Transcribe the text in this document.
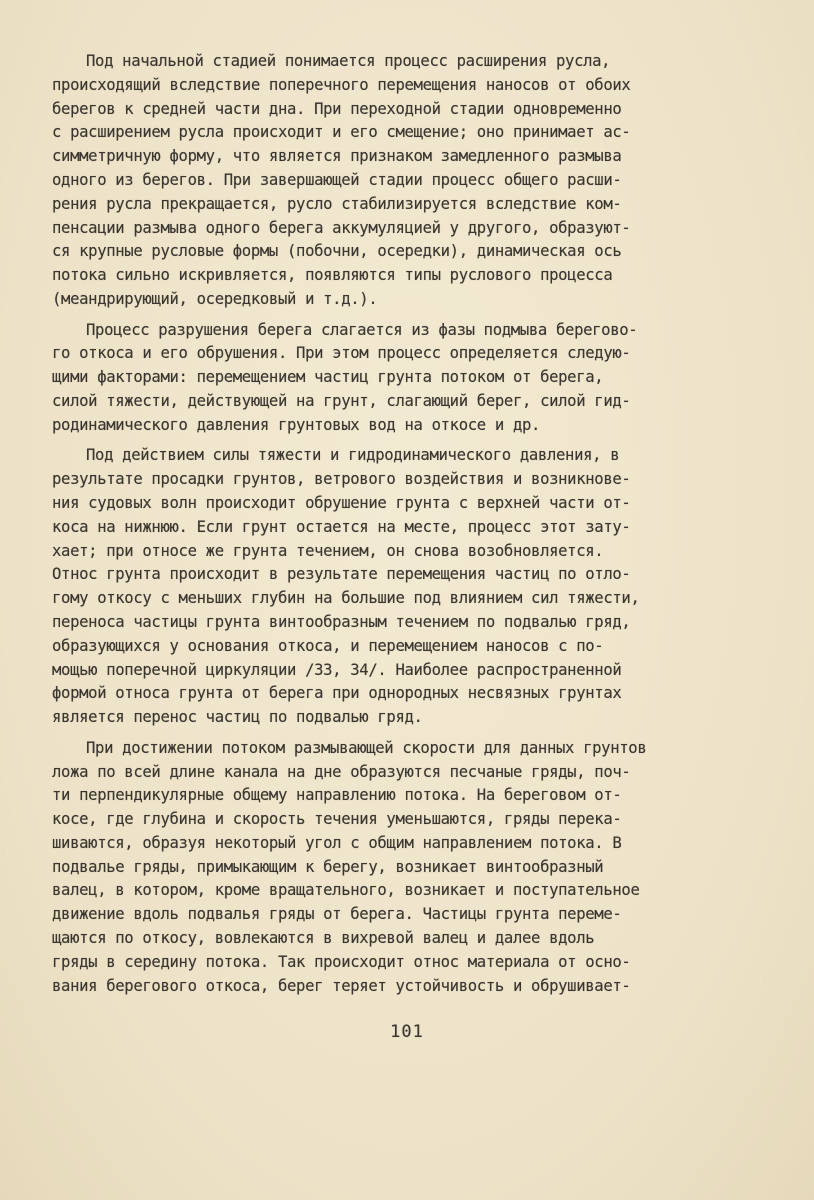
Под начальной стадией понимается процесс расширения русла,
происходящий вследствие поперечного перемещения наносов от обоих
берегов к средней части дна. При переходной стадии одновременно
с расширением русла происходит и его смещение; оно принимает ас-
симметричную форму, что является признаком замедленного размыва
одного из берегов. При завершающей стадии процесс общего расши-
рения русла прекращается, русло стабилизируется вследствие ком-
пенсации размыва одного берега аккумуляцией у другого, образуют-
ся крупные русловые формы (побочни, осередки), динамическая ось
потока сильно искривляется, появляются типы руслового процесса
(меандрирующий, осередковый и т.д.).
Процесс разрушения берега слагается из фазы подмыва берегово-
го откоса и его обрушения. При этом процесс определяется следую-
щими факторами: перемещением частиц грунта потоком от берега,
силой тяжести, действующей на грунт, слагающий берег, силой гид-
родинамического давления грунтовых вод на откосе и др.
Под действием силы тяжести и гидродинамического давления, в
результате просадки грунтов, ветрового воздействия и возникнове-
ния судовых волн происходит обрушение грунта с верхней части от-
коса на нижнюю. Если грунт остается на месте, процесс этот зату-
хает; при относе же грунта течением, он снова возобновляется.
Относ грунта происходит в результате перемещения частиц по отло-
гому откосу с меньших глубин на большие под влиянием сил тяжести,
переноса частицы грунта винтообразным течением по подвалью гряд,
образующихся у основания откоса, и перемещением наносов с по-
мощью поперечной циркуляции /33, 34/. Наиболее распространенной
формой относа грунта от берега при однородных несвязных грунтах
является перенос частиц по подвалью гряд.
При достижении потоком размывающей скорости для данных грунтов
ложа по всей длине канала на дне образуются песчаные гряды, поч-
ти перпендикулярные общему направлению потока. На береговом от-
косе, где глубина и скорость течения уменьшаются, гряды перека-
шиваются, образуя некоторый угол с общим направлением потока. В
подвалье гряды, примыкающим к берегу, возникает винтообразный
валец, в котором, кроме вращательного, возникает и поступательное
движение вдоль подвалья гряды от берега. Частицы грунта переме-
щаются по откосу, вовлекаются в вихревой валец и далее вдоль
гряды в середину потока. Так происходит относ материала от осно-
вания берегового откоса, берег теряет устойчивость и обрушивает-
101
